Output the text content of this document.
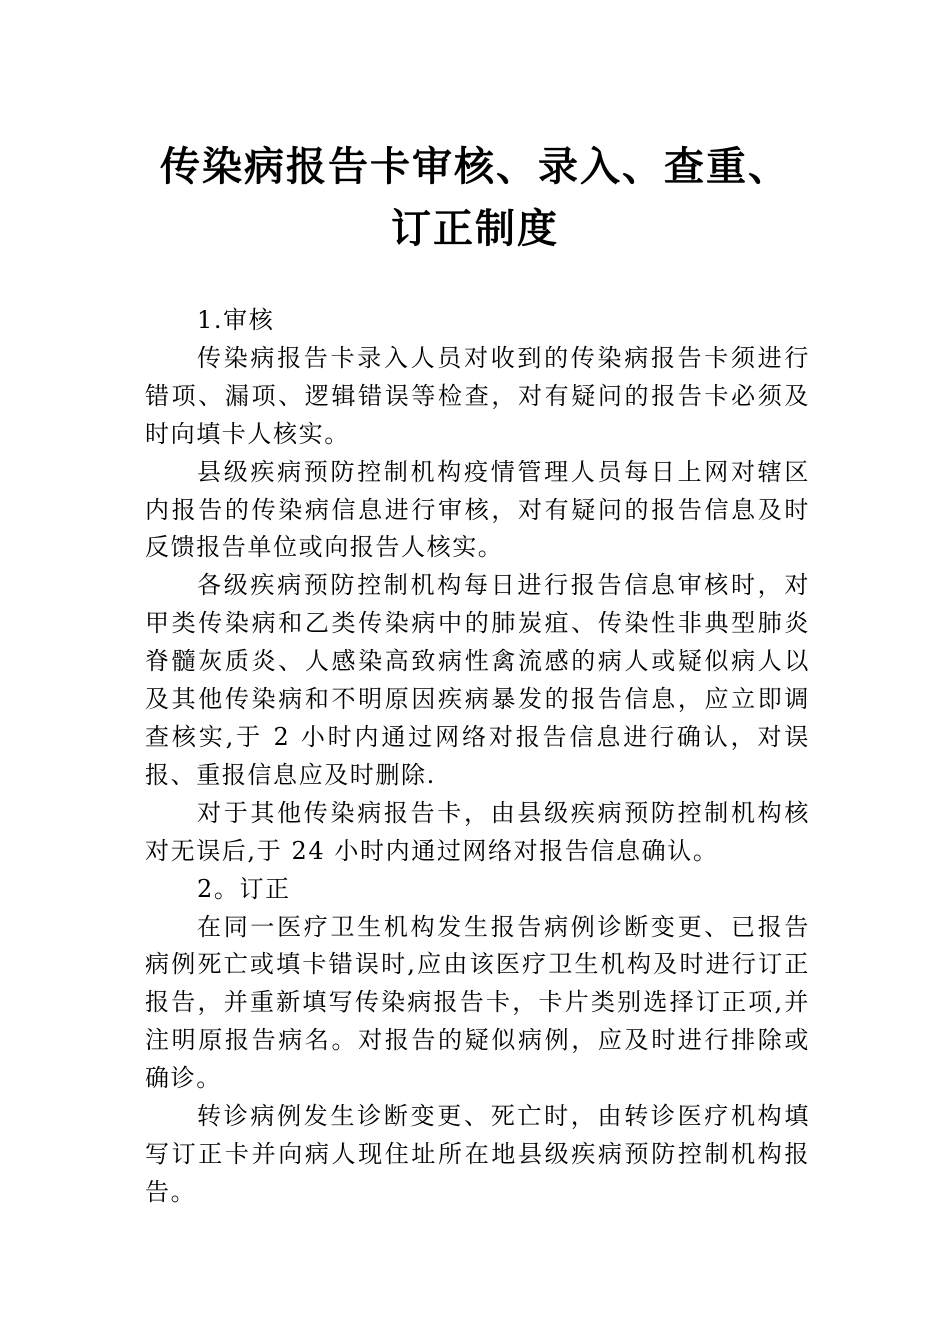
传染病报告卡审核、录入、查重、
订正制度

1.审核

传染病报告卡录入人员对收到的传染病报告卡须进行错项、漏项、逻辑错误等检查，对有疑问的报告卡必须及时向填卡人核实。

县级疾病预防控制机构疫情管理人员每日上网对辖区内报告的传染病信息进行审核，对有疑问的报告信息及时反馈报告单位或向报告人核实。

各级疾病预防控制机构每日进行报告信息审核时，对甲类传染病和乙类传染病中的肺炭疽、传染性非典型肺炎脊髓灰质炎、人感染高致病性禽流感的病人或疑似病人以及其他传染病和不明原因疾病暴发的报告信息，应立即调查核实,于 2 小时内通过网络对报告信息进行确认，对误报、重报信息应及时删除.

对于其他传染病报告卡，由县级疾病预防控制机构核对无误后,于 24 小时内通过网络对报告信息确认。

2。订正

在同一医疗卫生机构发生报告病例诊断变更、已报告病例死亡或填卡错误时,应由该医疗卫生机构及时进行订正报告，并重新填写传染病报告卡，卡片类别选择订正项,并注明原报告病名。对报告的疑似病例，应及时进行排除或确诊。

转诊病例发生诊断变更、死亡时，由转诊医疗机构填写订正卡并向病人现住址所在地县级疾病预防控制机构报告。
